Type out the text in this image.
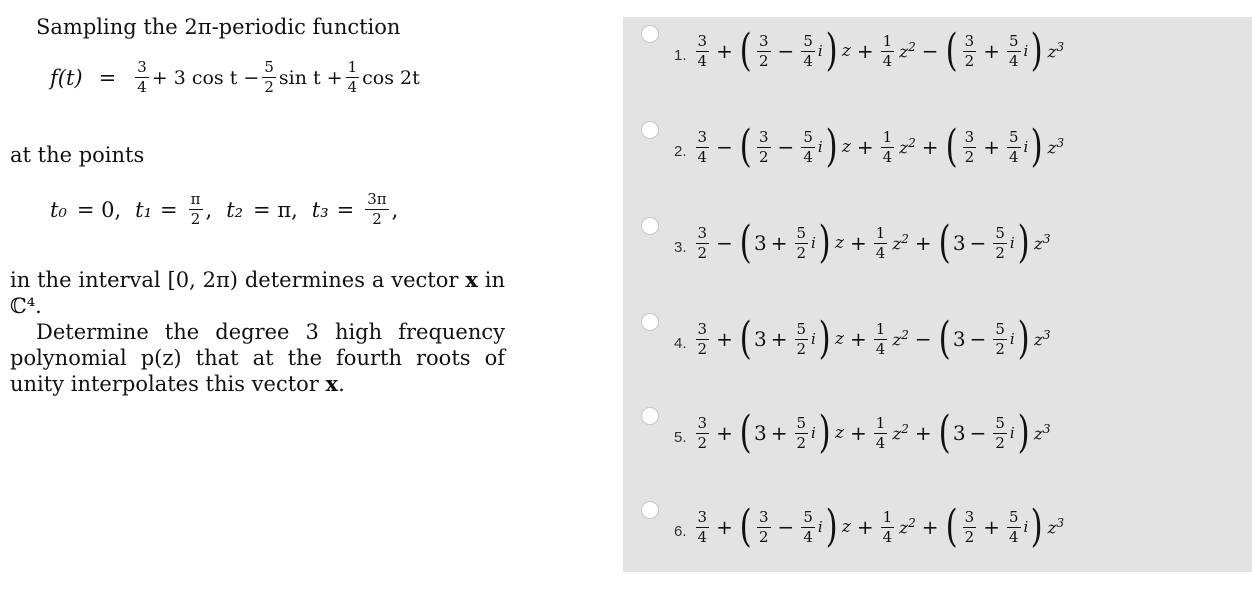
Sampling the 2π-periodic function
$f(t) = \frac{3}{4} + 3$ $\cos t - \frac{5}{2}$ $\sin t + \frac{1}{4}$ cos 2t
at the points
t₀ = 0, $t_1 = \frac{\pi}{2}$ , t₂ = π, $t_3 = \frac{3\pi}{2}$ ,
in the interval [0, 2π) determines a vector x in ℂ⁴.
Determine the degree 3 high frequency polynomial p(z) that at the fourth roots of unity interpolates this vector x.
1. $\frac{3}{4}$ + ( $\frac{3}{2} - \frac{5}{4}$ i ) $z + \frac{1}{4} z^2$ − ( $\frac{3}{2} + \frac{5}{4}$ i ) $z^3$
2. $\frac{3}{4}$ − ( $\frac{3}{2} - \frac{5}{4}$ i ) $z + \frac{1}{4} z^2$ + ( $\frac{3}{2} + \frac{5}{4}$ i ) $z^3$
3. $\frac{3}{2}$ − ( $3 + \frac{5}{2}$ i ) $z + \frac{1}{4} z^2$ + ( $3 - \frac{5}{2}$ i ) $z^3$
4. $\frac{3}{2}$ + ( $3 + \frac{5}{2}$ i ) $z + \frac{1}{4} z^2$ − ( $3 - \frac{5}{2}$ i ) $z^3$
5. $\frac{3}{2}$ + ( $3 + \frac{5}{2}$ i ) $z + \frac{1}{4} z^2$ + ( $3 - \frac{5}{2}$ i ) $z^3$
6. $\frac{3}{4}$ + ( $\frac{3}{2} - \frac{5}{4}$ i ) $z + \frac{1}{4} z^2$ + ( $\frac{3}{2} + \frac{5}{4}$ i ) $z^3$
